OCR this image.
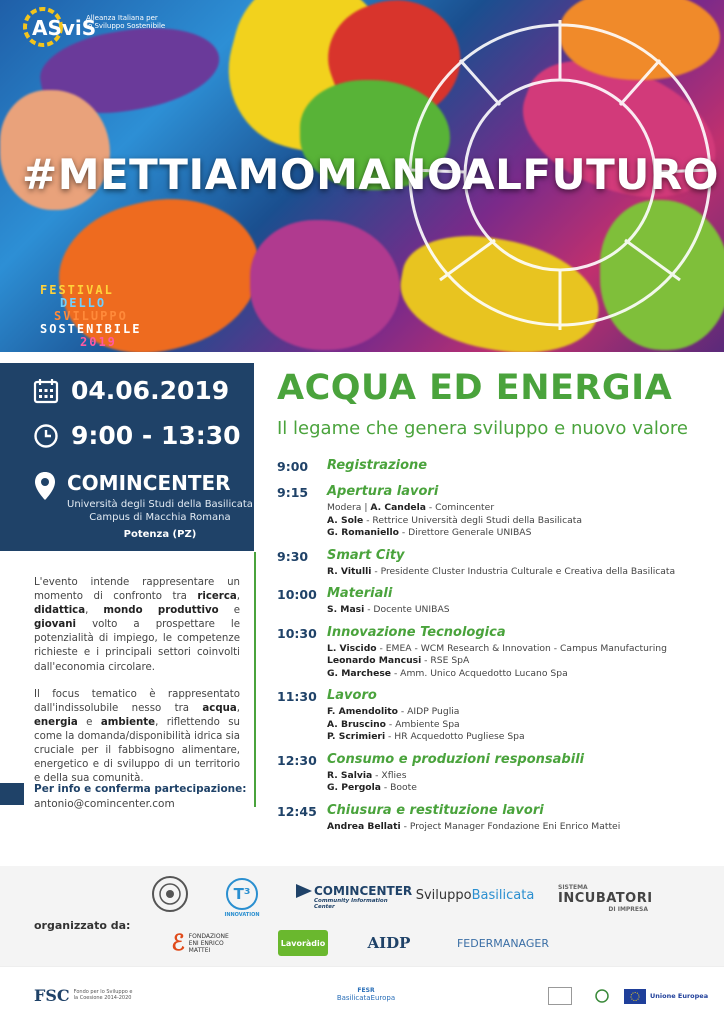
ASviS
Alleanza Italiana per lo Sviluppo Sostenibile
#METTIAMOMANOALFUTURO
FESTIVAL
DELLO
SVILUPPO
SOSTENIBILE
2019
04.06.2019
9:00 - 13:30
COMINCENTER
Università degli Studi della Basilicata
Campus di Macchia Romana
Potenza (PZ)
ACQUA ED ENERGIA
Il legame che genera sviluppo e nuovo valore

L'evento intende rappresentare un momento di confronto tra ricerca, didattica, mondo produttivo e giovani volto a prospettare le potenzialità di impiego, le competenze richieste e i principali settori coinvolti dall'economia circolare.

Il focus tematico è rappresentato dall'indissolubile nesso tra acqua, energia e ambiente, riflettendo su come la domanda/disponibilità idrica sia cruciale per il fabbisogno alimentare, energetico e di sviluppo di un territorio e della sua comunità.

Per info e conferma partecipazione:
antonio@comincenter.com
9:00	Registrazione
9:15	Apertura lavori
Modera | A. Candela - Comincenter
A. Sole - Rettrice Università degli Studi della Basilicata
G. Romaniello - Direttore Generale UNIBAS
9:30	Smart City
R. Vitulli - Presidente Cluster Industria Culturale e Creativa della Basilicata
10:00 Materiali
S. Masi - Docente UNIBAS
10:30 Innovazione Tecnologica
L. Viscido - EMEA - WCM Research & Innovation - Campus Manufacturing
Leonardo Mancusi - RSE SpA
G. Marchese - Amm. Unico Acquedotto Lucano Spa
11:30 Lavoro
F. Amendolito - AIDP Puglia
A. Bruscino - Ambiente Spa
P. Scrimieri - HR Acquedotto Pugliese Spa
12:30 Consumo e produzioni responsabili
R. Salvia - Xflies
G. Pergola - Boote
12:45 Chiusura e restituzione lavori
Andrea Bellati - Project Manager Fondazione Eni Enrico Mattei
organizzato da:
T³
INNOVATION
COMINCENTER
Community Information Center
Sviluppo Basilicata
SISTEMA
INCUBATORI
DI IMPRESA
ℰ FONDAZIONE ENI ENRICO MATTEI
Lavoràdio	AIDP	FEDERMANAGER
FSC Fondo per lo Sviluppo e la Coesione 2014-2020
FESR
BasilicataEuropa	Unione Europea
